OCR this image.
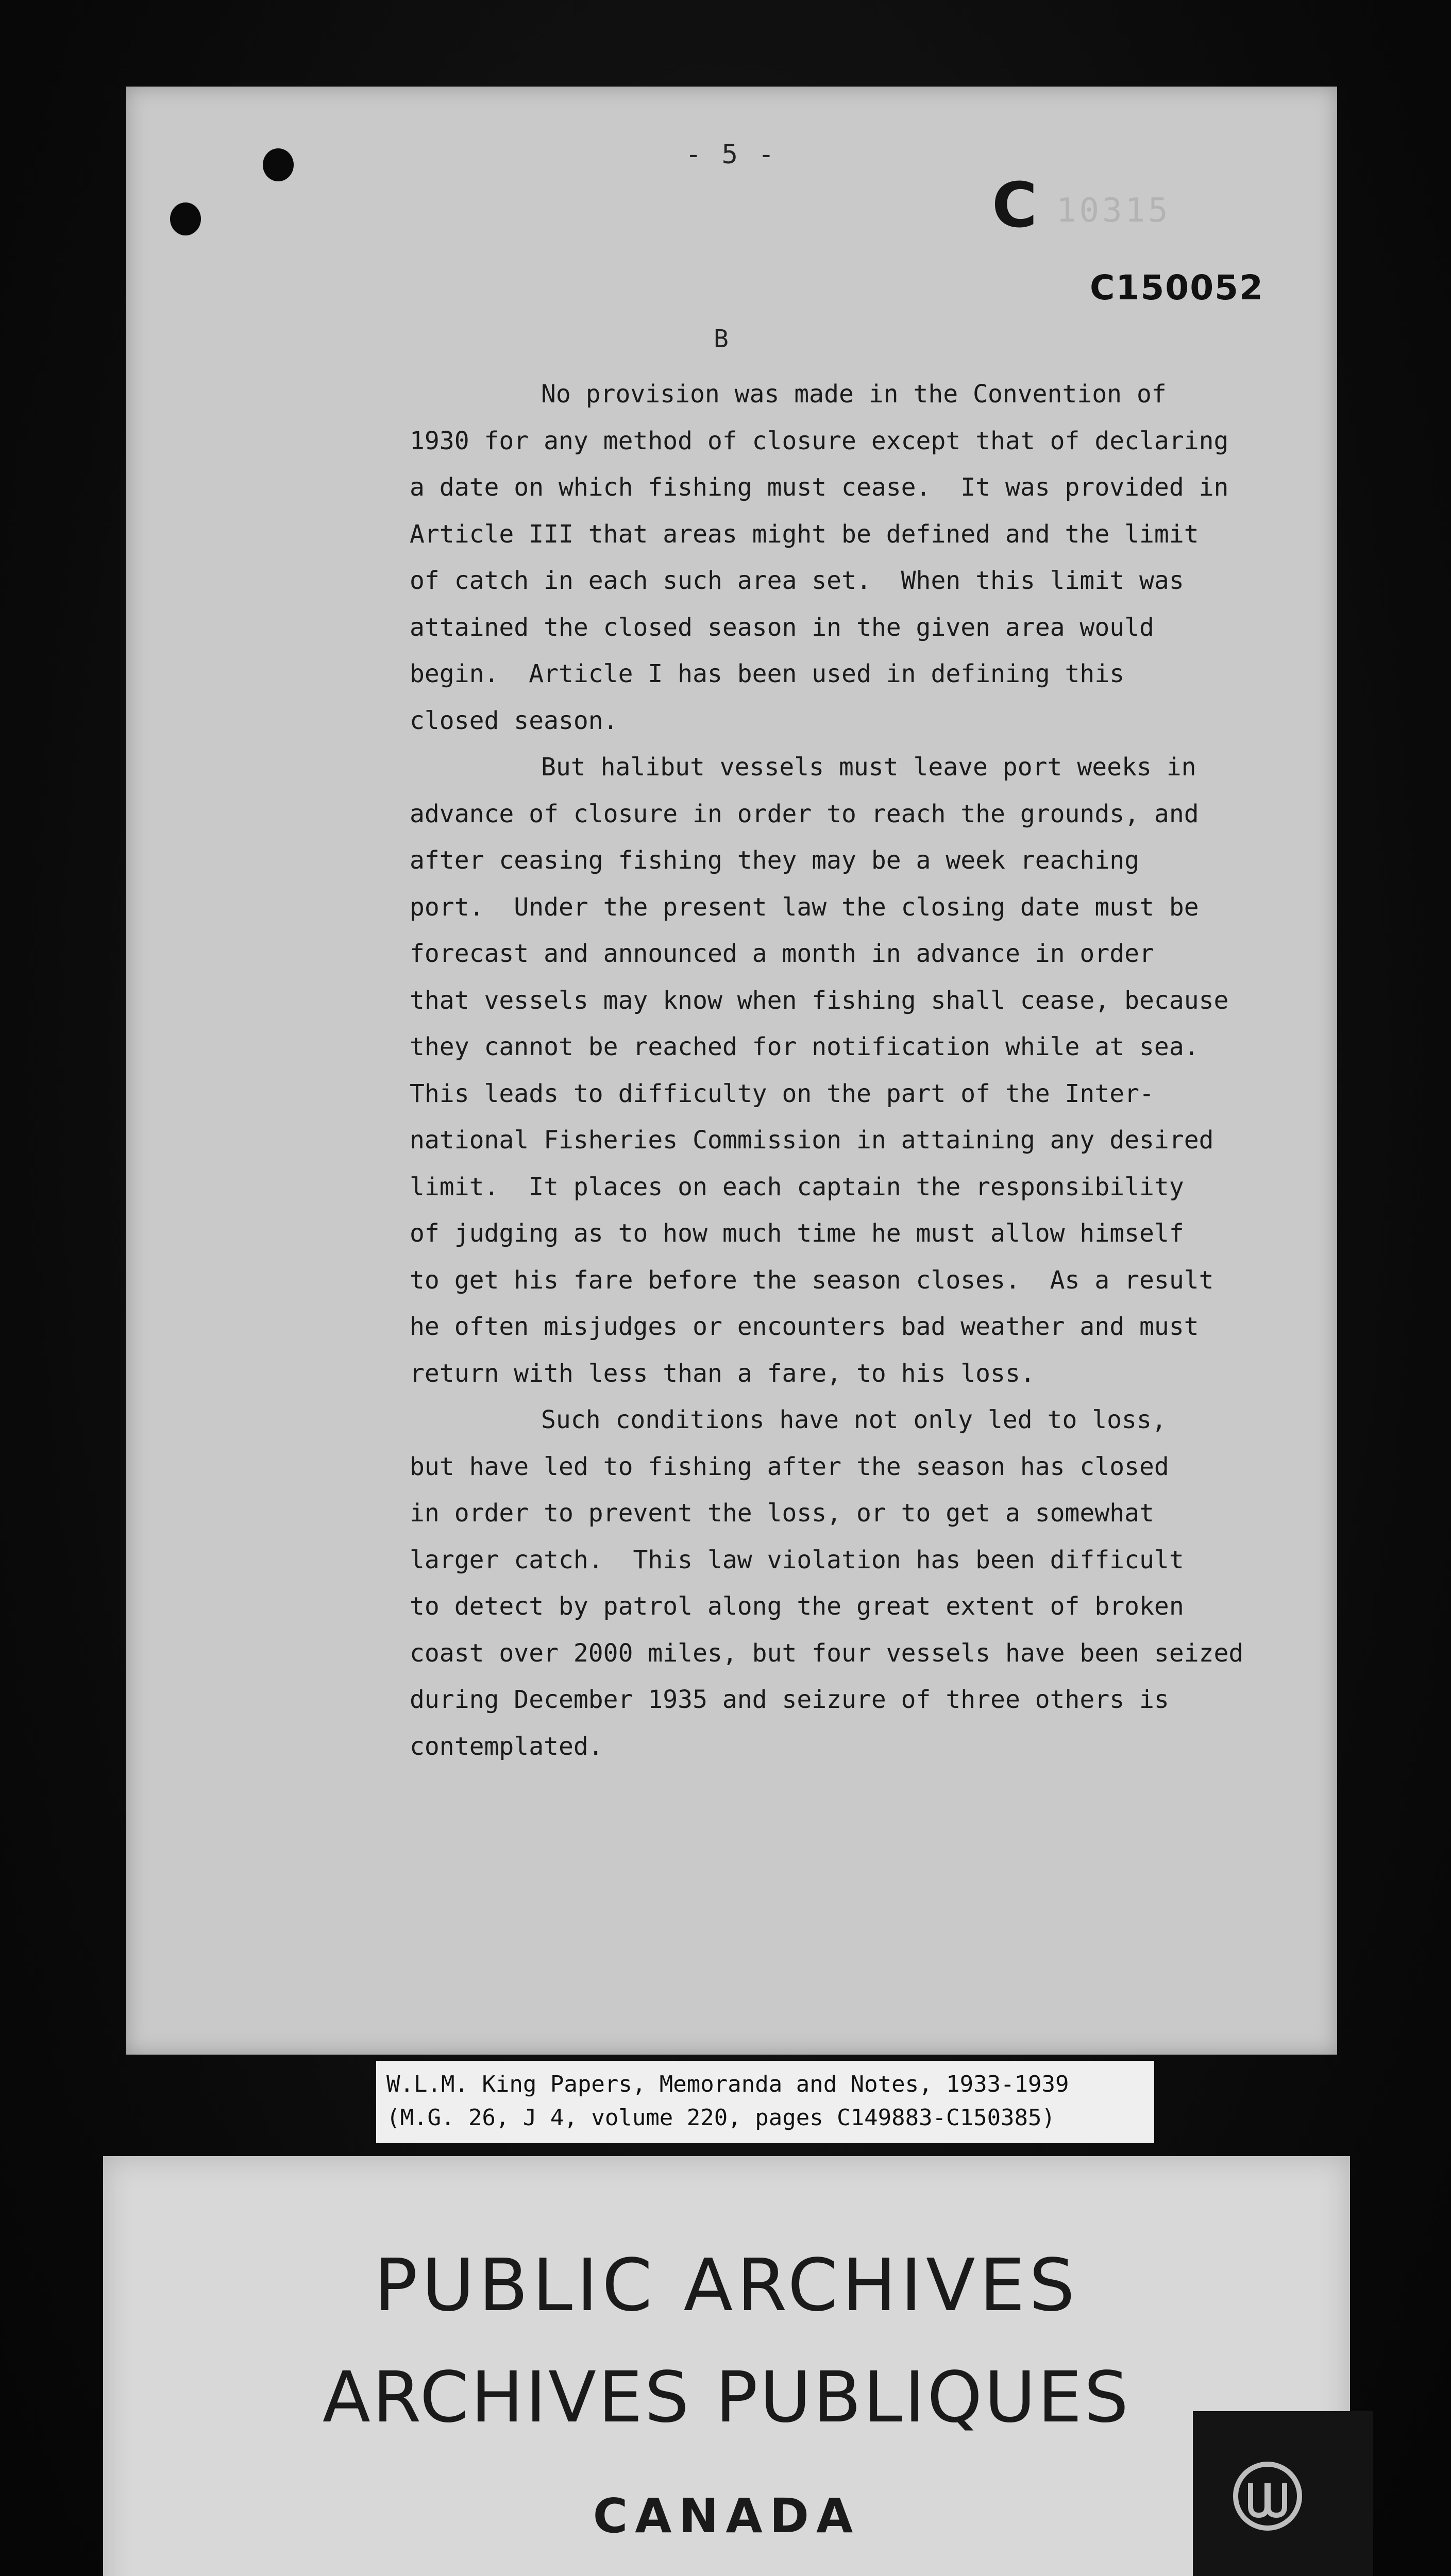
- 5 -
C 10315
C150052
B
No provision was made in the Convention of
1930 for any method of closure except that of declaring
a date on which fishing must cease.  It was provided in
Article III that areas might be defined and the limit
of catch in each such area set.  When this limit was
attained the closed season in the given area would
begin.  Article I has been used in defining this
closed season.
But halibut vessels must leave port weeks in
advance of closure in order to reach the grounds, and
after ceasing fishing they may be a week reaching
port.  Under the present law the closing date must be
forecast and announced a month in advance in order
that vessels may know when fishing shall cease, because
they cannot be reached for notification while at sea.
This leads to difficulty on the part of the Inter-
national Fisheries Commission in attaining any desired
limit.  It places on each captain the responsibility
of judging as to how much time he must allow himself
to get his fare before the season closes.  As a result
he often misjudges or encounters bad weather and must
return with less than a fare, to his loss.
Such conditions have not only led to loss,
but have led to fishing after the season has closed
in order to prevent the loss, or to get a somewhat
larger catch.  This law violation has been difficult
to detect by patrol along the great extent of broken
coast over 2000 miles, but four vessels have been seized
during December 1935 and seizure of three others is
contemplated.
W.L.M. King Papers, Memoranda and Notes, 1933-1939
(M.G. 26, J 4, volume 220, pages C149883-C150385)
PUBLIC ARCHIVES
ARCHIVES PUBLIQUES
CANADA
